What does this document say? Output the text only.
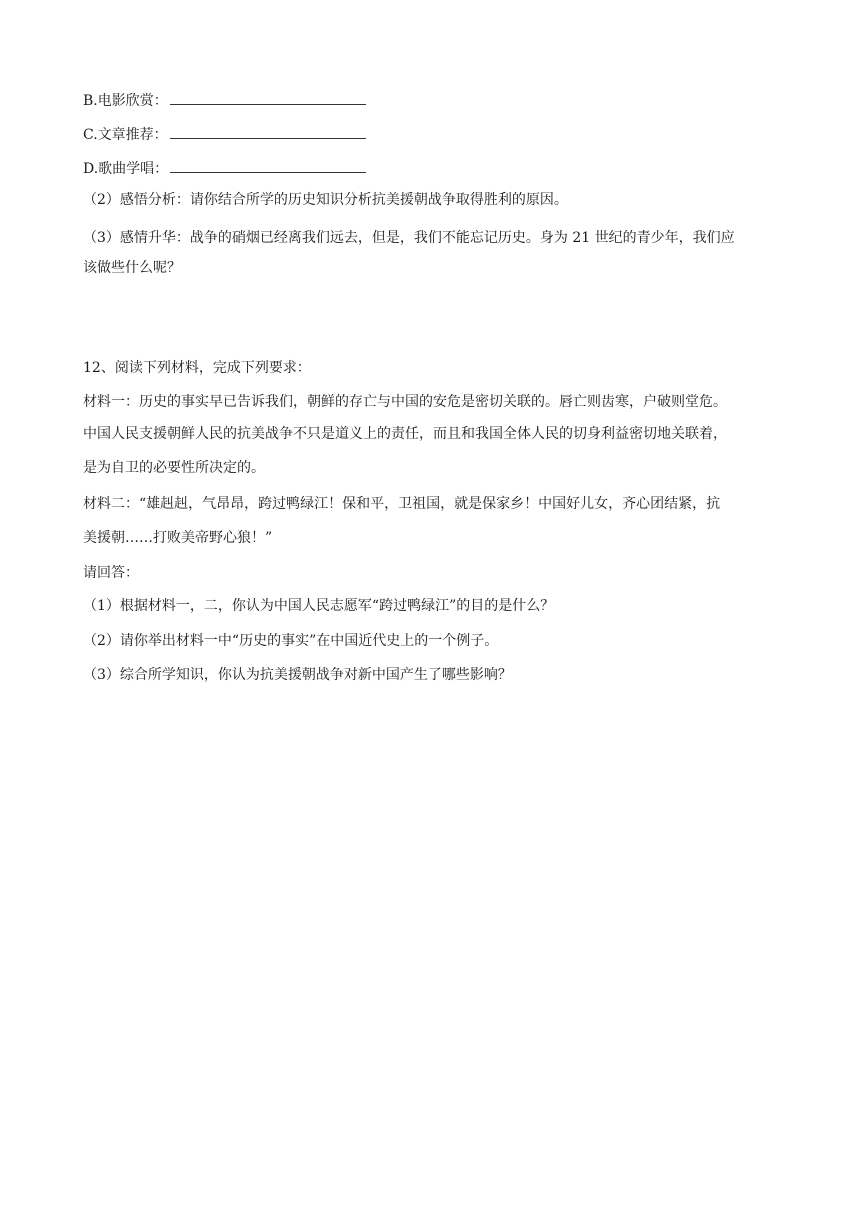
B.电影欣赏：
C.文章推荐：
D.歌曲学唱：
（2）感悟分析：请你结合所学的历史知识分析抗美援朝战争取得胜利的原因。
（3）感情升华：战争的硝烟已经离我们远去，但是，我们不能忘记历史。身为 21 世纪的青少年，我们应
该做些什么呢？
12、阅读下列材料，完成下列要求：
材料一：历史的事实早已告诉我们，朝鲜的存亡与中国的安危是密切关联的。唇亡则齿寒，户破则堂危。
中国人民支援朝鲜人民的抗美战争不只是道义上的责任，而且和我国全体人民的切身利益密切地关联着，
是为自卫的必要性所决定的。
材料二：“雄赳赳，气昂昂，跨过鸭绿江！保和平，卫祖国，就是保家乡！中国好儿女，齐心团结紧，抗
美援朝……打败美帝野心狼！”
请回答：
（1）根据材料一，二，你认为中国人民志愿军“跨过鸭绿江”的目的是什么？
（2）请你举出材料一中“历史的事实”在中国近代史上的一个例子。
（3）综合所学知识，你认为抗美援朝战争对新中国产生了哪些影响？
